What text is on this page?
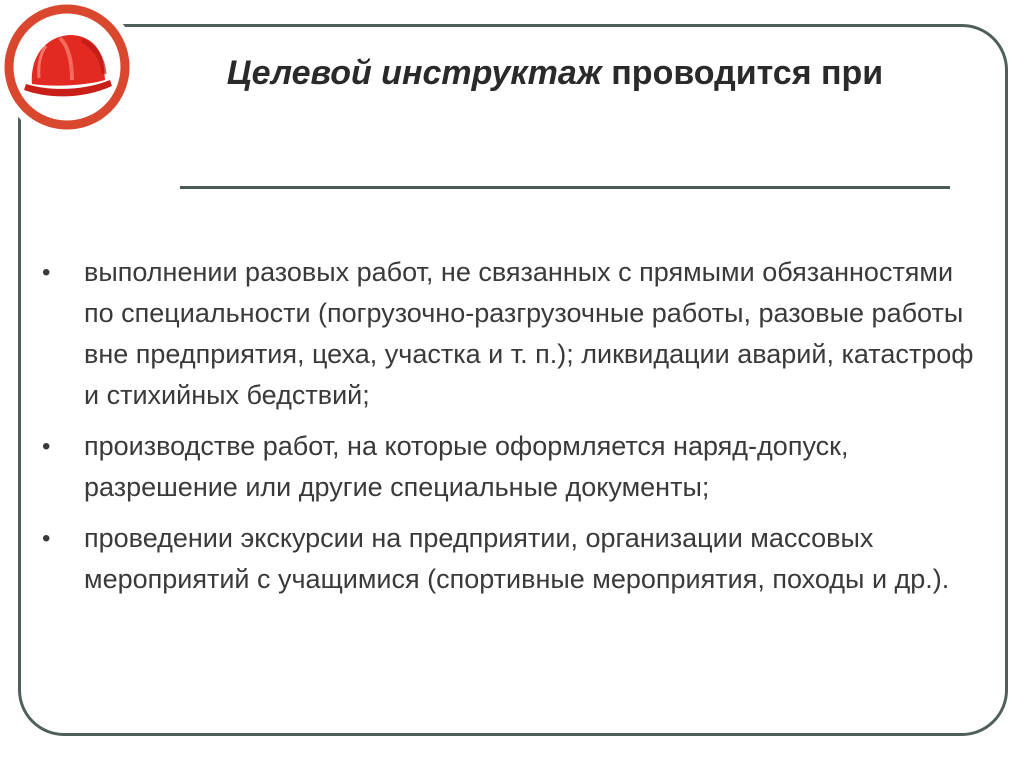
Целевой инструктаж проводится при
• выполнении разовых работ, не связанных с прямыми обязанностями по специальности (погрузочно-разгрузочные работы, разовые работы вне предприятия, цеха, участка и т. п.); ликвидации аварий, катастроф и стихийных бедствий;
• производстве работ, на которые оформляется наряд-допуск, разрешение или другие специальные документы;
• проведении экскурсии на предприятии, организации массовых мероприятий с учащимися (спортивные мероприятия, походы и др.).
